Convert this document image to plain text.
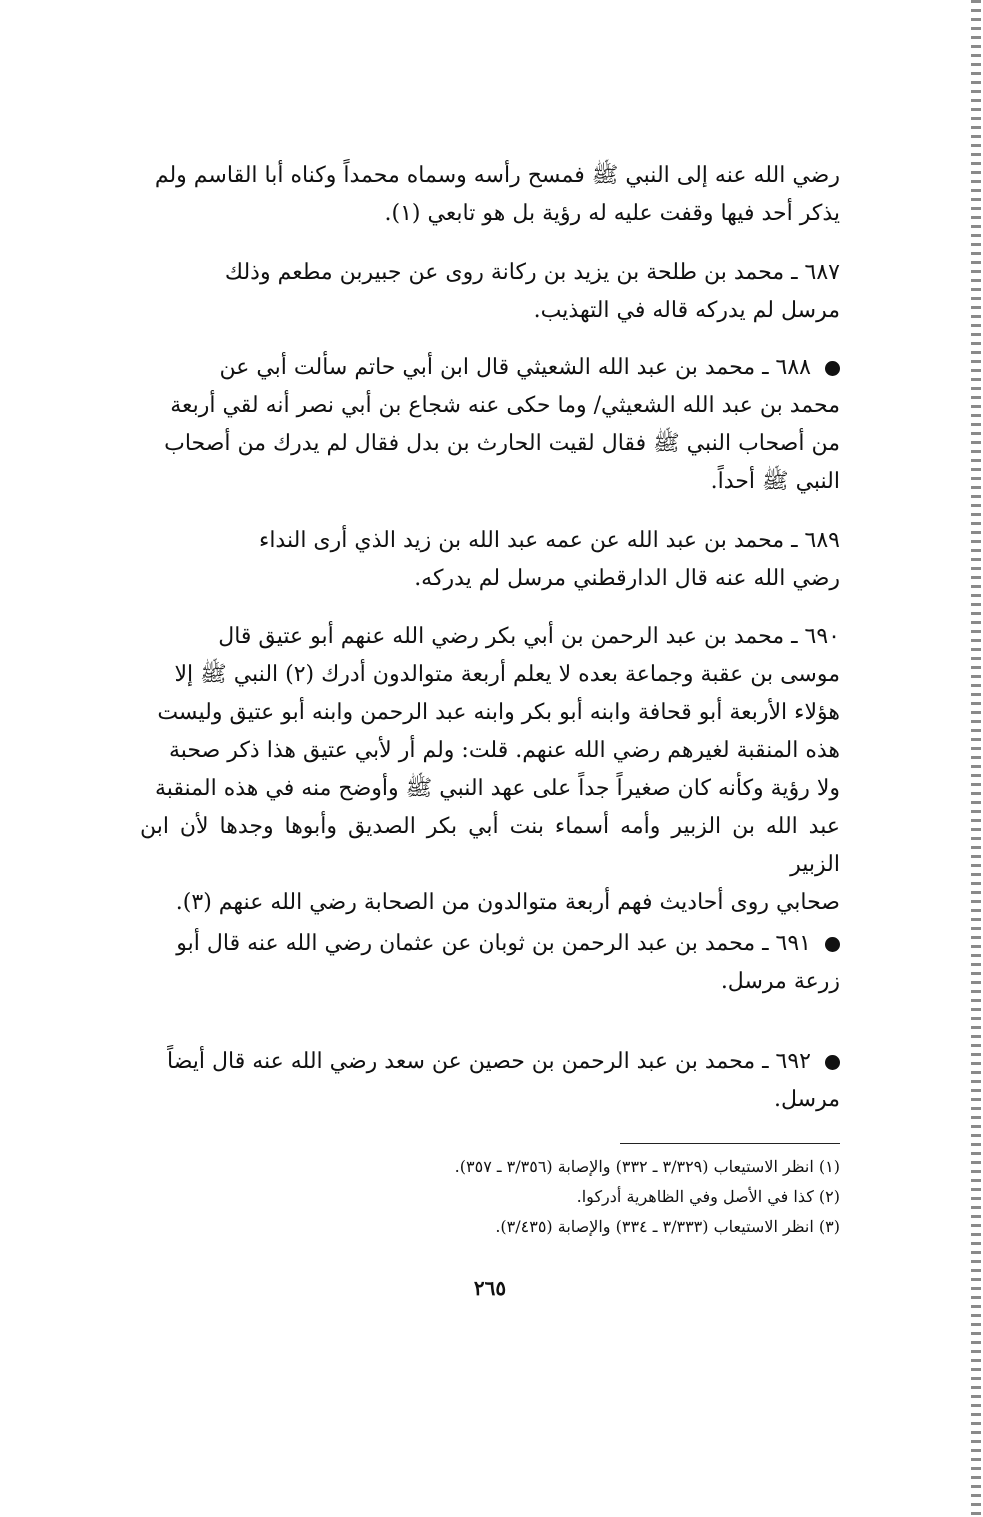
رضي الله عنه إلى النبي ﷺ فمسح رأسه وسماه محمداً وكناه أبا القاسم ولم
يذكر أحد فيها وقفت عليه له رؤية بل هو تابعي (١).
٦٨٧ ـ محمد بن طلحة بن يزيد بن ركانة روى عن جبيربن مطعم وذلك
مرسل لم يدركه قاله في التهذيب.
٦٨٨ ـ محمد بن عبد الله الشعيثي قال ابن أبي حاتم سألت أبي عن
محمد بن عبد الله الشعيثي/ وما حكى عنه شجاع بن أبي نصر أنه لقي أربعة
من أصحاب النبي ﷺ فقال لقيت الحارث بن بدل فقال لم يدرك من أصحاب
النبي ﷺ أحداً.
٦٨٩ ـ محمد بن عبد الله عن عمه عبد الله بن زيد الذي أرى النداء
رضي الله عنه قال الدارقطني مرسل لم يدركه.
٦٩٠ ـ محمد بن عبد الرحمن بن أبي بكر رضي الله عنهم أبو عتيق قال
موسى بن عقبة وجماعة بعده لا يعلم أربعة متوالدون أدرك (٢) النبي ﷺ إلا
هؤلاء الأربعة أبو قحافة وابنه أبو بكر وابنه عبد الرحمن وابنه أبو عتيق وليست
هذه المنقبة لغيرهم رضي الله عنهم. قلت: ولم أر لأبي عتيق هذا ذكر صحبة
ولا رؤية وكأنه كان صغيراً جداً على عهد النبي ﷺ وأوضح منه في هذه المنقبة
عبد الله بن الزبير وأمه أسماء بنت أبي بكر الصديق وأبوها وجدها لأن ابن الزبير
صحابي روى أحاديث فهم أربعة متوالدون من الصحابة رضي الله عنهم (٣).
٦٩١ ـ محمد بن عبد الرحمن بن ثوبان عن عثمان رضي الله عنه قال أبو
زرعة مرسل.
٦٩٢ ـ محمد بن عبد الرحمن بن حصين عن سعد رضي الله عنه قال أيضاً
مرسل.
(١) انظر الاستيعاب (٣/٣٢٩ ـ ٣٣٢) والإصابة (٣/٣٥٦ ـ ٣٥٧).
(٢) كذا في الأصل وفي الظاهرية أدركوا.
(٣) انظر الاستيعاب (٣/٣٣٣ ـ ٣٣٤) والإصابة (٣/٤٣٥).
٢٦٥
